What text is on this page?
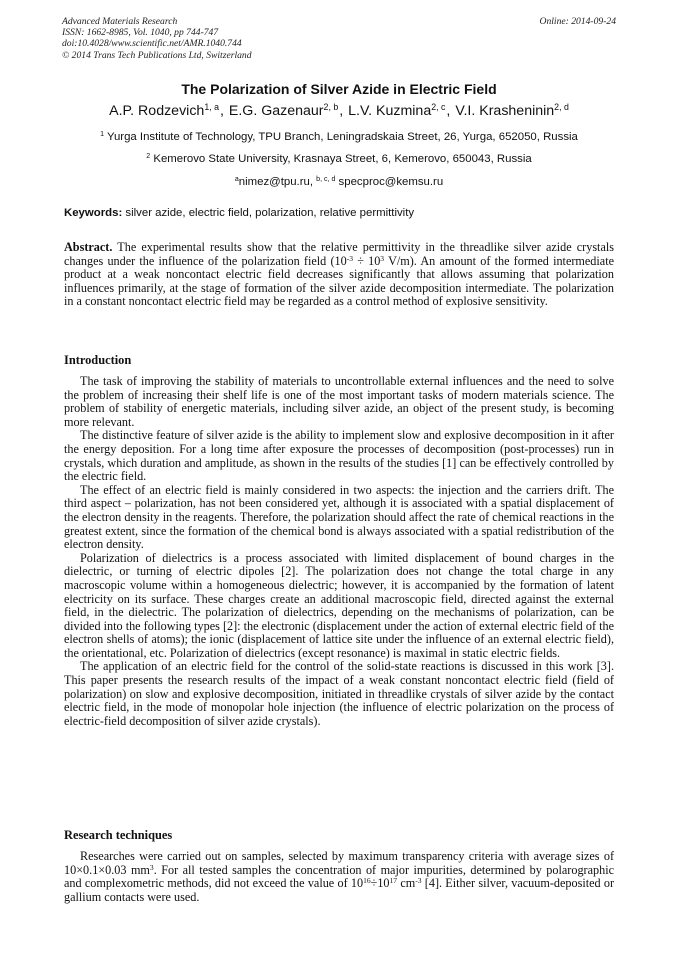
Advanced Materials Research
ISSN: 1662-8985, Vol. 1040, pp 744-747
doi:10.4028/www.scientific.net/AMR.1040.744
© 2014 Trans Tech Publications Ltd, Switzerland
Online: 2014-09-24
The Polarization of Silver Azide in Electric Field
A.P. Rodzevich$^{1, a}$, E.G. Gazenaur$^{2, b}$, L.V. Kuzmina$^{2, c}$, V.I. Krasheninin$^{2, d}$
$^1$ Yurga Institute of Technology, TPU Branch, Leningradskaia Street, 26, Yurga, 652050, Russia
$^2$ Kemerovo State University, Krasnaya Street, 6, Kemerovo, 650043, Russia
$^a$nimez@tpu.ru, $^{b, c, d}$ specproc@kemsu.ru
Keywords: silver azide, electric field, polarization, relative permittivity
Abstract. The experimental results show that the relative permittivity in the threadlike silver azide crystals changes under the influence of the polarization field ($10^{-3} \div 10^3$ V/m). An amount of the formed intermediate product at a weak noncontact electric field decreases significantly that allows assuming that polarization influences primarily, at the stage of formation of the silver azide decomposition intermediate. The polarization in a constant noncontact electric field may be regarded as a control method of explosive sensitivity.
Introduction

The task of improving the stability of materials to uncontrollable external influences and the need to solve the problem of increasing their shelf life is one of the most important tasks of modern materials science. The problem of stability of energetic materials, including silver azide, an object of the present study, is becoming more relevant.

The distinctive feature of silver azide is the ability to implement slow and explosive decomposition in it after the energy deposition. For a long time after exposure the processes of decomposition (post-processes) run in crystals, which duration and amplitude, as shown in the results of the studies [1] can be effectively controlled by the electric field.

The effect of an electric field is mainly considered in two aspects: the injection and the carriers drift. The third aspect – polarization, has not been considered yet, although it is associated with a spatial displacement of the electron density in the reagents. Therefore, the polarization should affect the rate of chemical reactions in the greatest extent, since the formation of the chemical bond is always associated with a spatial redistribution of the electron density.

Polarization of dielectrics is a process associated with limited displacement of bound charges in the dielectric, or turning of electric dipoles [2]. The polarization does not change the total charge in any macroscopic volume within a homogeneous dielectric; however, it is accompanied by the formation of latent electricity on its surface. These charges create an additional macroscopic field, directed against the external field, in the dielectric. The polarization of dielectrics, depending on the mechanisms of polarization, can be divided into the following types [2]: the electronic (displacement under the action of external electric field of the electron shells of atoms); the ionic (displacement of lattice site under the influence of an external electric field), the orientational, etc. Polarization of dielectrics (except resonance) is maximal in static electric fields.

The application of an electric field for the control of the solid-state reactions is discussed in this work [3]. This paper presents the research results of the impact of a weak constant noncontact electric field (field of polarization) on slow and explosive decomposition, initiated in threadlike crystals of silver azide by the contact electric field, in the mode of monopolar hole injection (the influence of electric polarization on the process of electric-field decomposition of silver azide crystals).

Research techniques

Researches were carried out on samples, selected by maximum transparency criteria with average sizes of 10×0.1×0.03 $mm^3$. For all tested samples the concentration of major impurities, determined by polarographic and complexometric methods, did not exceed the value of $10^{16}\div 10^{17}$ $cm^{-3}$ [4]. Either silver, vacuum-deposited or gallium contacts were used.
